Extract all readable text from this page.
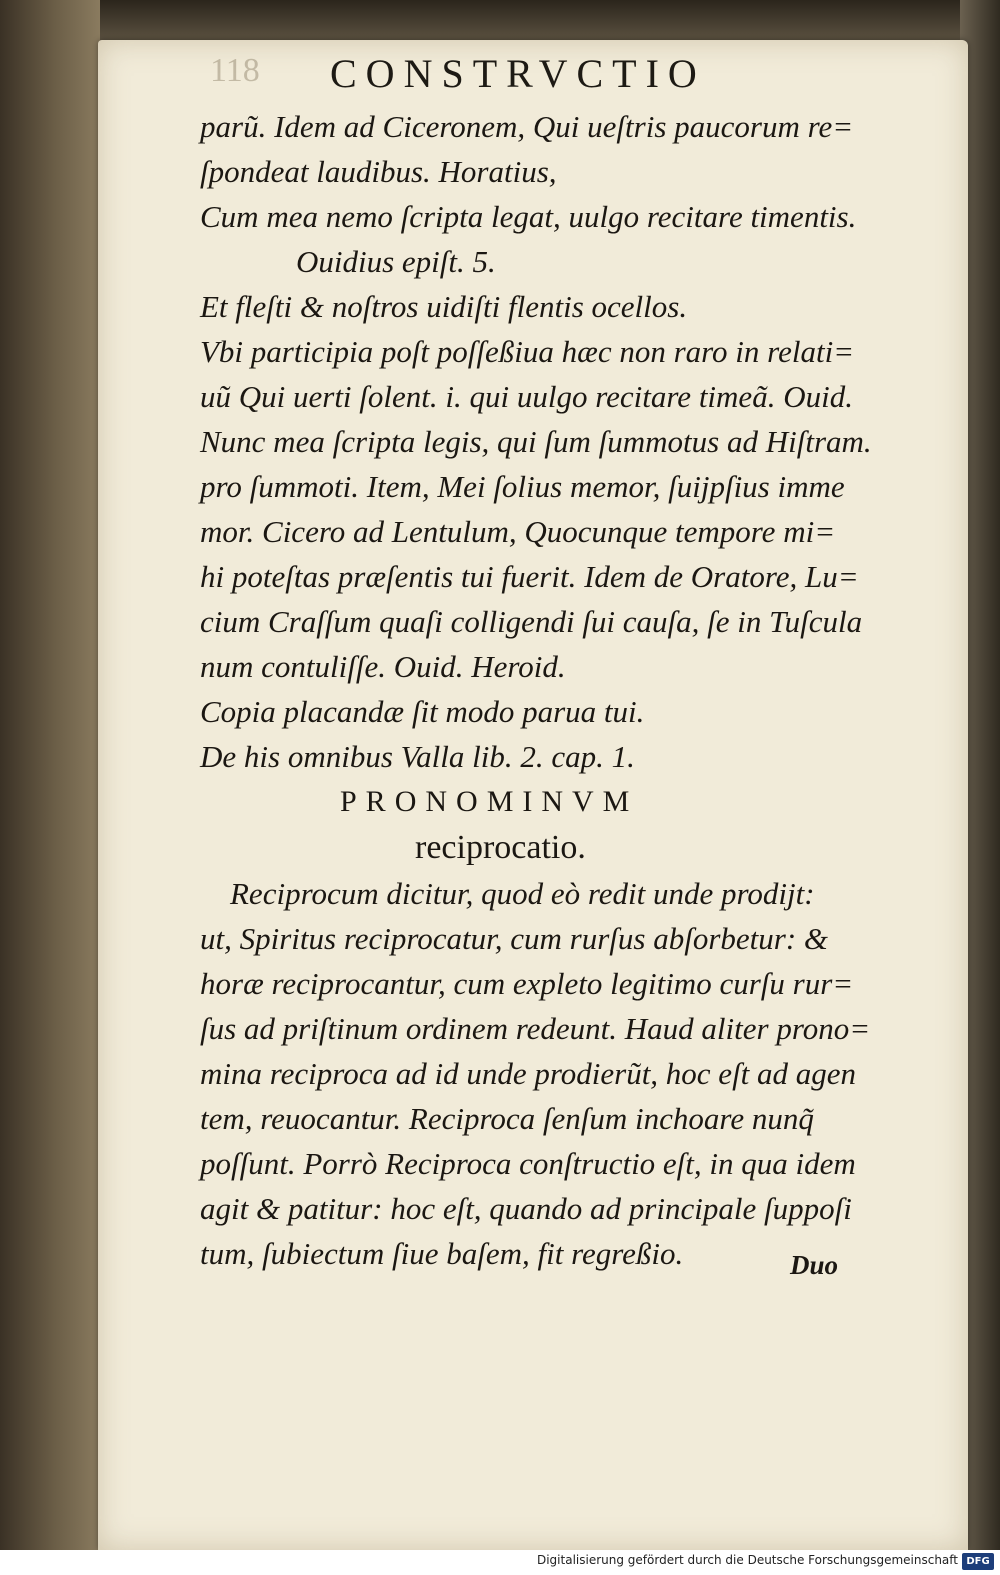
118 CONSTRVCTIO
parũ. Idem ad Ciceronem, Qui ueſtris paucorum re=
ſpondeat laudibus. Horatius,
Cum mea nemo ſcripta legat, uulgo recitare timentis.
Ouidius epiſt. 5.
Et fleſti & noſtros uidiſti flentis ocellos.
Vbi participia poſt poſſeßiua hæc non raro in relati=
uũ Qui uerti ſolent. i. qui uulgo recitare timeã. Ouid.
Nunc mea ſcripta legis, qui ſum ſummotus ad Hiſtram.
pro ſummoti. Item, Mei ſolius memor, ſuijpſius imme
mor. Cicero ad Lentulum, Quocunque tempore mi=
hi poteſtas præſentis tui fuerit. Idem de Oratore, Lu=
cium Craſſum quaſi colligendi ſui cauſa, ſe in Tuſcula
num contuliſſe. Ouid. Heroid.
Copia placandæ ſit modo parua tui.
De his omnibus Valla lib. 2. cap. 1.
PRONOMINVM
reciprocatio.
Reciprocum dicitur, quod eò redit unde prodijt:
ut, Spiritus reciprocatur, cum rurſus abſorbetur: &
horæ reciprocantur, cum expleto legitimo curſu rur=
ſus ad priſtinum ordinem redeunt. Haud aliter prono=
mina reciproca ad id unde prodierũt, hoc eſt ad agen
tem, reuocantur. Reciproca ſenſum inchoare nunq̃
poſſunt. Porrò Reciproca conſtructio eſt, in qua idem
agit & patitur: hoc eſt, quando ad principale ſuppoſi
tum, ſubiectum ſiue baſem, fit regreßio.	Duo
Digitalisierung gefördert durch die Deutsche Forschungsgemeinschaft DFG
